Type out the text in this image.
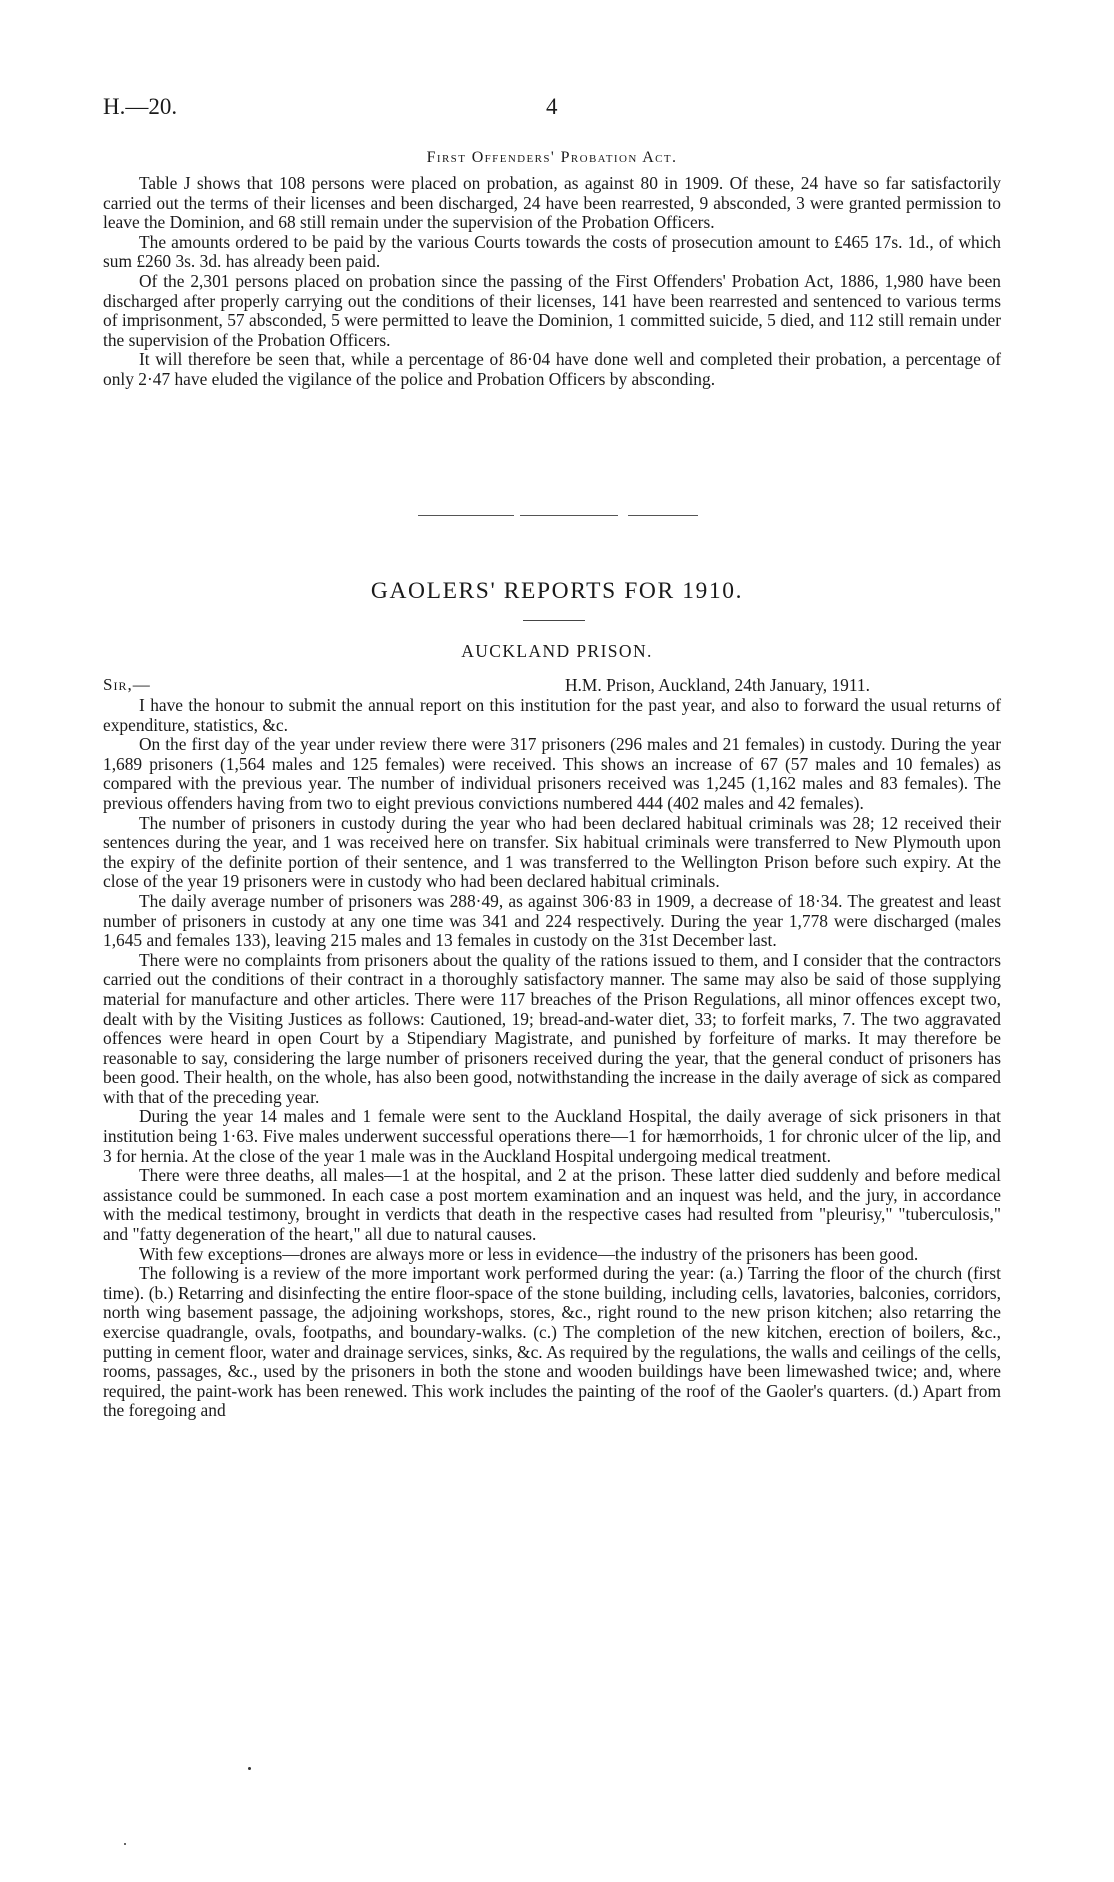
H.—20.	4
First Offenders' Probation Act.

Table J shows that 108 persons were placed on probation, as against 80 in 1909. Of these, 24 have so far satisfactorily carried out the terms of their licenses and been discharged, 24 have been rearrested, 9 absconded, 3 were granted permission to leave the Dominion, and 68 still remain under the supervision of the Probation Officers.

The amounts ordered to be paid by the various Courts towards the costs of prosecution amount to £465 17s. 1d., of which sum £260 3s. 3d. has already been paid.

Of the 2,301 persons placed on probation since the passing of the First Offenders' Probation Act, 1886, 1,980 have been discharged after properly carrying out the conditions of their licenses, 141 have been rearrested and sentenced to various terms of imprisonment, 57 absconded, 5 were permitted to leave the Dominion, 1 committed suicide, 5 died, and 112 still remain under the supervision of the Probation Officers.

It will therefore be seen that, while a percentage of 86·04 have done well and completed their probation, a percentage of only 2·47 have eluded the vigilance of the police and Probation Officers by absconding.

GAOLERS' REPORTS FOR 1910.
AUCKLAND PRISON.
Sir,—	H.M. Prison, Auckland, 24th January, 1911.

I have the honour to submit the annual report on this institution for the past year, and also to forward the usual returns of expenditure, statistics, &c.

On the first day of the year under review there were 317 prisoners (296 males and 21 females) in custody. During the year 1,689 prisoners (1,564 males and 125 females) were received. This shows an increase of 67 (57 males and 10 females) as compared with the previous year. The number of individual prisoners received was 1,245 (1,162 males and 83 females). The previous offenders having from two to eight previous convictions numbered 444 (402 males and 42 females).

The number of prisoners in custody during the year who had been declared habitual criminals was 28; 12 received their sentences during the year, and 1 was received here on transfer. Six habitual criminals were transferred to New Plymouth upon the expiry of the definite portion of their sentence, and 1 was transferred to the Wellington Prison before such expiry. At the close of the year 19 prisoners were in custody who had been declared habitual criminals.

The daily average number of prisoners was 288·49, as against 306·83 in 1909, a decrease of 18·34. The greatest and least number of prisoners in custody at any one time was 341 and 224 respectively. During the year 1,778 were discharged (males 1,645 and females 133), leaving 215 males and 13 females in custody on the 31st December last.

There were no complaints from prisoners about the quality of the rations issued to them, and I consider that the contractors carried out the conditions of their contract in a thoroughly satisfactory manner. The same may also be said of those supplying material for manufacture and other articles. There were 117 breaches of the Prison Regulations, all minor offences except two, dealt with by the Visiting Justices as follows: Cautioned, 19; bread-and-water diet, 33; to forfeit marks, 7. The two aggravated offences were heard in open Court by a Stipendiary Magistrate, and punished by forfeiture of marks. It may therefore be reasonable to say, considering the large number of prisoners received during the year, that the general conduct of prisoners has been good. Their health, on the whole, has also been good, notwithstanding the increase in the daily average of sick as compared with that of the preceding year.

During the year 14 males and 1 female were sent to the Auckland Hospital, the daily average of sick prisoners in that institution being 1·63. Five males underwent successful operations there—1 for hæmorrhoids, 1 for chronic ulcer of the lip, and 3 for hernia. At the close of the year 1 male was in the Auckland Hospital undergoing medical treatment.

There were three deaths, all males—1 at the hospital, and 2 at the prison. These latter died suddenly and before medical assistance could be summoned. In each case a post mortem examination and an inquest was held, and the jury, in accordance with the medical testimony, brought in verdicts that death in the respective cases had resulted from "pleurisy," "tuberculosis," and "fatty degeneration of the heart," all due to natural causes.

With few exceptions—drones are always more or less in evidence—the industry of the prisoners has been good.

The following is a review of the more important work performed during the year: (a.) Tarring the floor of the church (first time). (b.) Retarring and disinfecting the entire floor-space of the stone building, including cells, lavatories, balconies, corridors, north wing basement passage, the adjoining workshops, stores, &c., right round to the new prison kitchen; also retarring the exercise quadrangle, ovals, footpaths, and boundary-walks. (c.) The completion of the new kitchen, erection of boilers, &c., putting in cement floor, water and drainage services, sinks, &c. As required by the regulations, the walls and ceilings of the cells, rooms, passages, &c., used by the prisoners in both the stone and wooden buildings have been limewashed twice; and, where required, the paint-work has been renewed. This work includes the painting of the roof of the Gaoler's quarters. (d.) Apart from the foregoing and
